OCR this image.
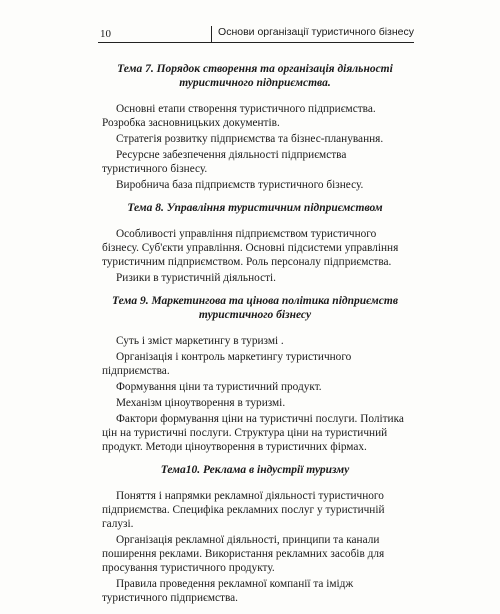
10	Основи організації туристичного бізнесу
Тема 7. Порядок створення та організація діяльності туристичного підприємства.
Основні етапи створення туристичного підприємства. Розробка засновницьких документів.
Стратегія розвитку підприємства та бізнес-планування.
Ресурсне забезпечення діяльності підприємства туристичного бізнесу.
Виробнича база підприємств туристичного бізнесу.
Тема 8. Управління туристичним підприємством
Особливості управління підприємством туристичного бізнесу. Суб'єкти управління. Основні підсистеми управління туристичним підприємством. Роль персоналу підприємства.
Ризики в туристичній діяльності.
Тема 9. Маркетингова та цінова політика підприємств туристичного бізнесу
Суть і зміст маркетингу в туризмі .
Організація і контроль маркетингу туристичного підприємства.
Формування ціни та туристичний продукт.
Механізм ціноутворення в туризмі.
Фактори формування ціни на туристичні послуги. Політика цін на туристичні послуги. Структура ціни на туристичний продукт. Методи ціноутворення в туристичних фірмах.
Тема10. Реклама в індустрії туризму
Поняття і напрямки рекламної діяльності туристичного підприємства. Специфіка рекламних послуг у туристичній галузі.
Організація рекламної діяльності, принципи та канали поширення реклами. Використання рекламних засобів для просування туристичного продукту.
Правила проведення рекламної компанії та імідж туристичного підприємства.
